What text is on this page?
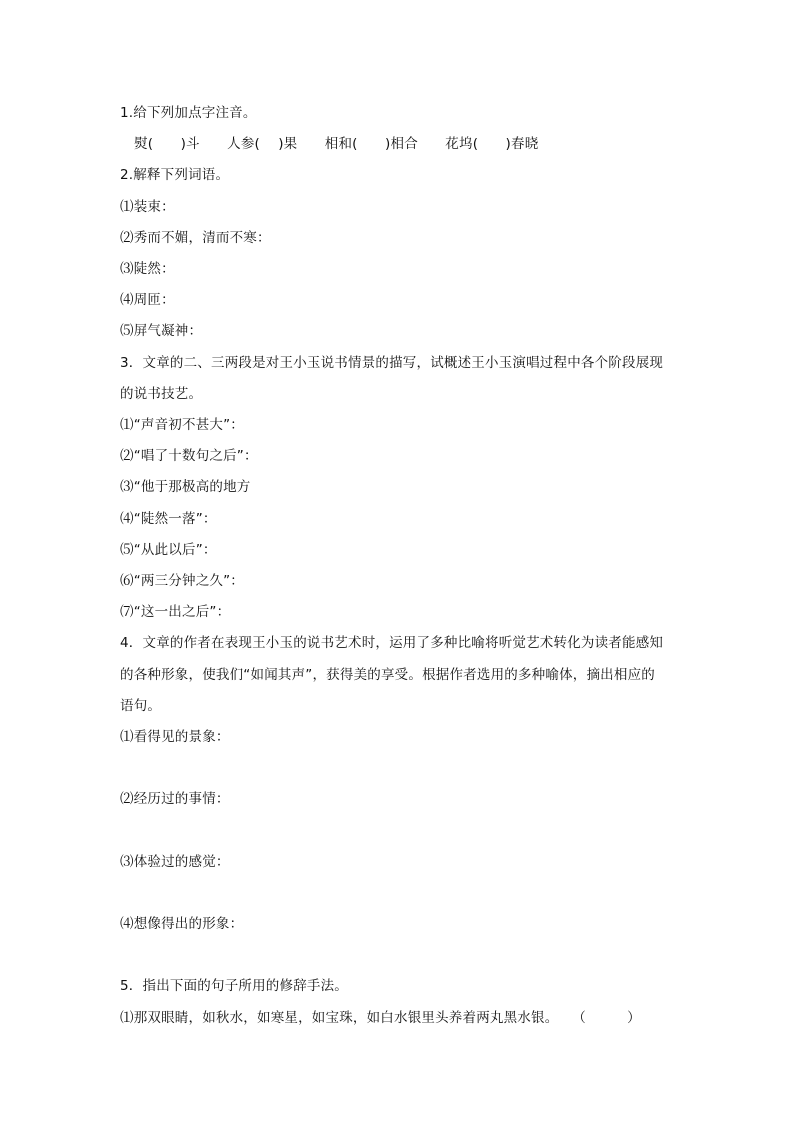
1.给下列加点字注音。
熨(　　)斗　　人参(　 )果　　相和(　　)相合　　花坞(　　)春晓
2.解释下列词语。
⑴装束：
⑵秀而不媚，清而不寒：
⑶陡然：
⑷周匝：
⑸屏气凝神：
3．文章的二、三两段是对王小玉说书情景的描写，试概述王小玉演唱过程中各个阶段展现
的说书技艺。
⑴“声音初不甚大”：
⑵“唱了十数句之后”：
⑶“他于那极高的地方
⑷“陡然一落”：
⑸“从此以后”：
⑹“两三分钟之久”：
⑺“这一出之后”：
4．文章的作者在表现王小玉的说书艺术时，运用了多种比喻将听觉艺术转化为读者能感知
的各种形象，使我们“如闻其声”，获得美的享受。根据作者选用的多种喻体，摘出相应的
语句。
⑴看得见的景象：
⑵经历过的事情：
⑶体验过的感觉：
⑷想像得出的形象：
5．指出下面的句子所用的修辞手法。
⑴那双眼睛，如秋水，如寒星，如宝珠，如白水银里头养着两丸黑水银。　　（　　　）
